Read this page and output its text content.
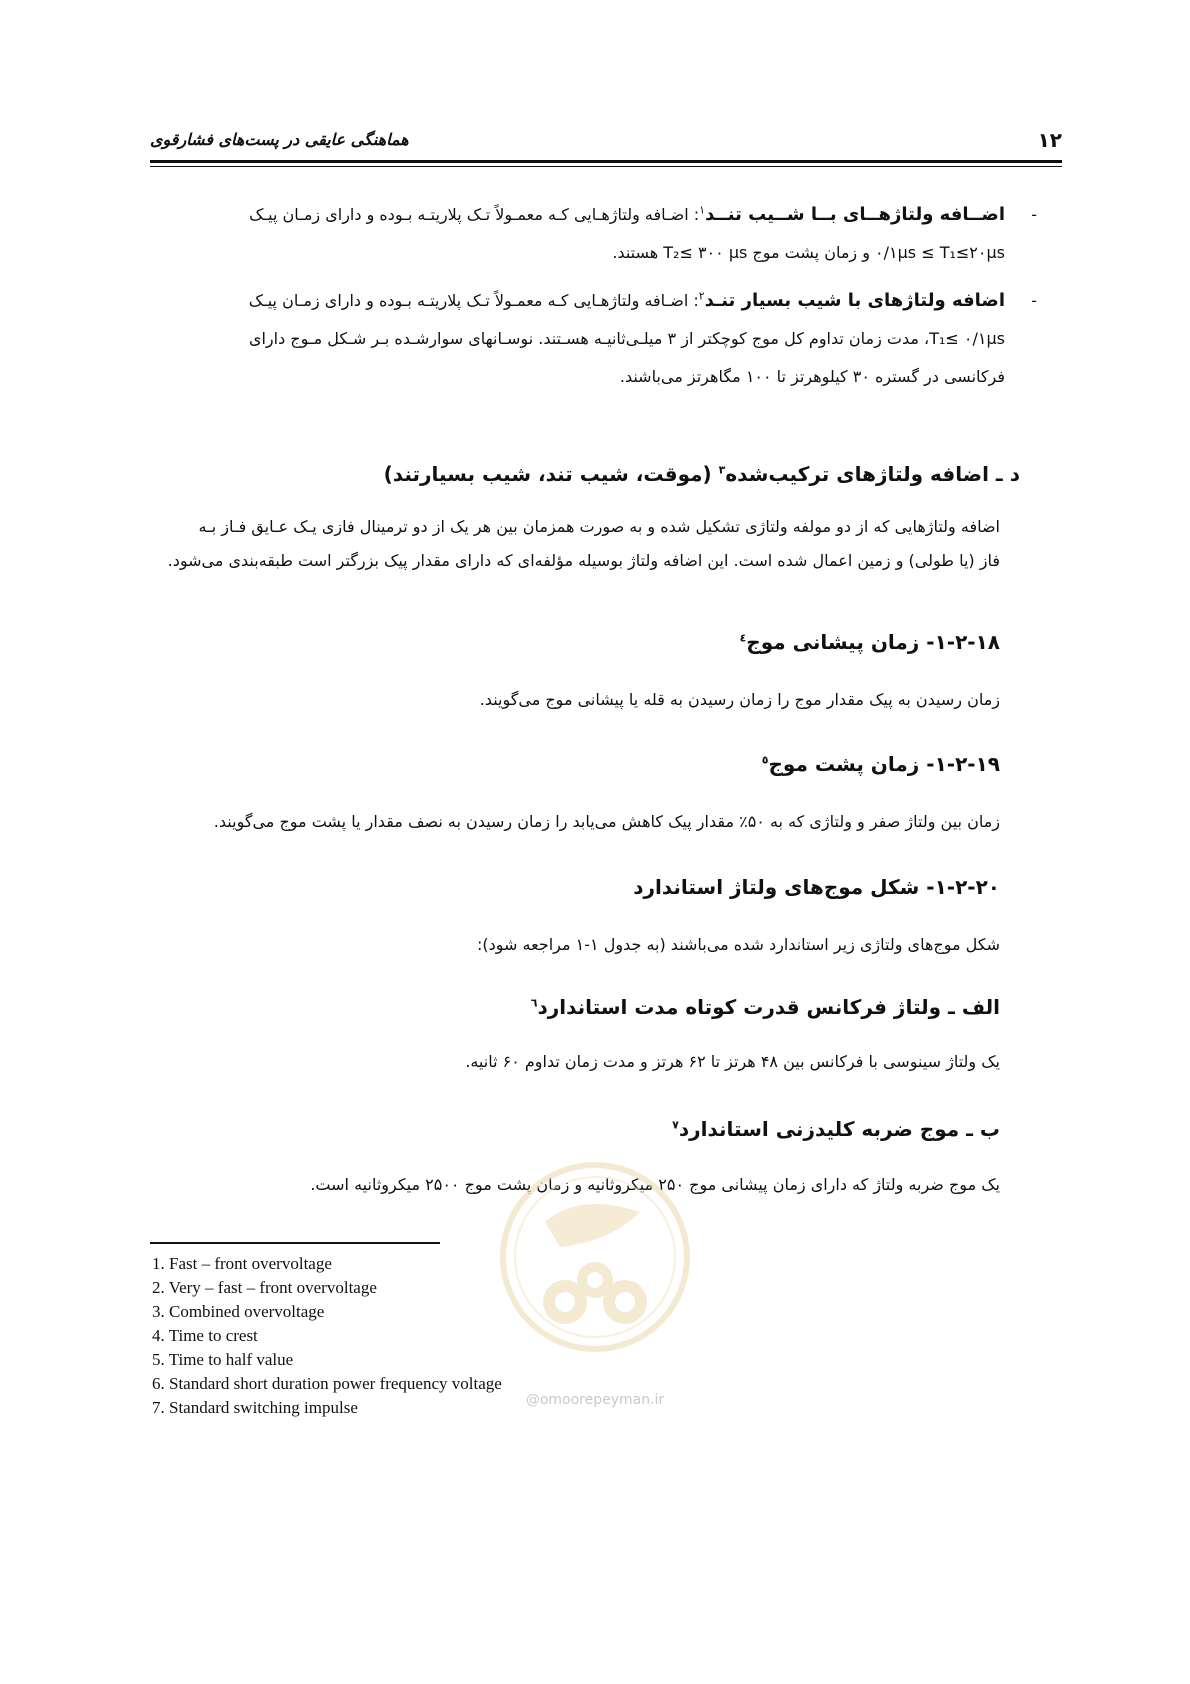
۱۲
هماهنگی عایقی در پست‌های فشارقوی
-
اضــافه ولتاژهــای بــا شــیب تنــد$^۱$: اضـافه ولتاژهـایی کـه معمـولاً تـک پلاریتـه بـوده و دارای زمـان پیـک
۰/۱μs ≤ T₁≤۲۰μs و زمان پشت موج T₂≤ ۳۰۰ μs هستند.
-
اضافه ولتاژهای با شیب بسیار تنـد$^۲$: اضـافه ولتاژهـایی کـه معمـولاً تـک پلاریتـه بـوده و دارای زمـان پیـک
T₁≤ ۰/۱μs، مدت زمان تداوم کل موج کوچکتر از ۳ میلـی‌ثانیـه هسـتند. نوسـانهای سوارشـده بـر شـکل مـوج دارای
فرکانسی در گستره ۳۰ کیلوهرتز تا ۱۰۰ مگاهرتز می‌باشند.
د ـ اضافه ولتاژهای ترکیب‌شده$^۳$ (موقت، شیب تند، شیب بسیارتند)
اضافه ولتاژهایی که از دو مولفه ولتاژی تشکیل شده و به صورت همزمان بین هر یک از دو ترمینال فازی یـک عـایق فـاز بـه
فاز (یا طولی) و زمین اعمال شده است. این اضافه ولتاژ بوسیله مؤلفه‌ای که دارای مقدار پیک بزرگتر است طبقه‌بندی می‌شود.
۱-۲-۱۸- زمان پیشانی موج$^٤$
زمان رسیدن به پیک مقدار موج را زمان رسیدن به قله یا پیشانی موج می‌گویند.
۱-۲-۱۹- زمان پشت موج$^٥$
زمان بین ولتاژ صفر و ولتاژی که به ۵۰٪ مقدار پیک کاهش می‌یابد را زمان رسیدن به نصف مقدار یا پشت موج می‌گویند.
۱-۲-۲۰- شکل موج‌های ولتاژ استاندارد
شکل موج‌های ولتاژی زیر استاندارد شده می‌باشند (به جدول ۱-۱ مراجعه شود):
الف ـ ولتاژ فرکانس قدرت کوتاه مدت استاندارد$^٦$
یک ولتاژ سینوسی با فرکانس بین ۴۸ هرتز تا ۶۲ هرتز و مدت زمان تداوم ۶۰ ثانیه.
ب ـ موج ضربه کلیدزنی استاندارد$^۷$
یک موج ضربه ولتاژ که دارای زمان پیشانی موج ۲۵۰ میکروثانیه و زمان پشت موج ۲۵۰۰ میکروثانیه است.
@omoorepeyman.ir
1. Fast – front overvoltage
2. Very – fast – front overvoltage
3. Combined overvoltage
4. Time to crest
5. Time to half value
6. Standard short duration power frequency voltage
7. Standard switching impulse
